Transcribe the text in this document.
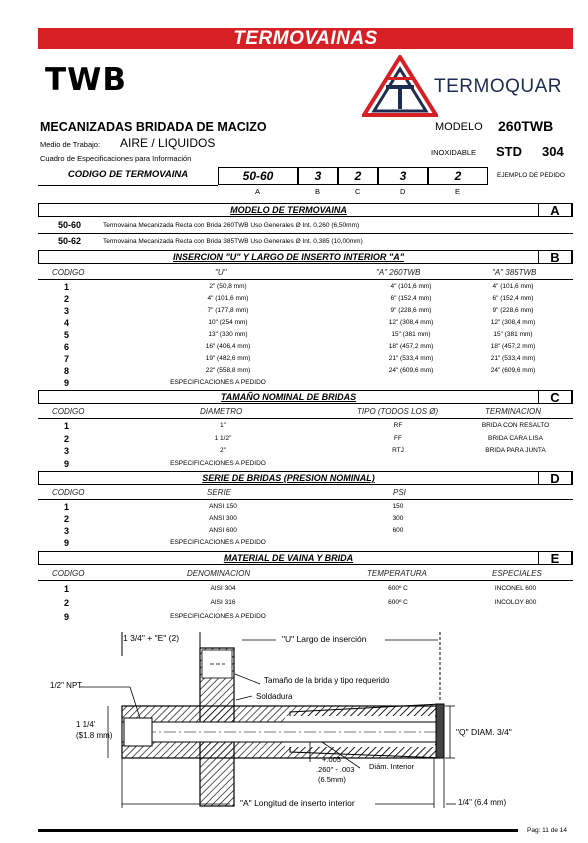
TERMOVAINAS
TWB	TERMOQUAR
MECANIZADAS BRIDADA DE MACIZO
Medio de Trabajo: AIRE / LIQUIDOS
Cuadro de Especificaciones para Información
MODELO 260TWB
INOXIDABLE STD 304
CODIGO DE TERMOVAINA	50-60	3	2	3	2	EJEMPLO DE PEDIDO
A	B	C	D	E
MODELO DE TERMOVAINA	A
50-60	Termovaina Mecanizada Recta con Brida 260TWB Uso Generales Ø Int. 0,260 (6,50mm)
50-62	Termovaina Mecanizada Recta con Brida 385TWB Uso Generales Ø Int. 0,385 (10,00mm)
INSERCION "U" Y LARGO DE INSERTO INTERIOR "A"	B
CODIGO	"U"	"A" 260TWB	"A" 385TWB
1	2" (50,8 mm)	4" (101,6 mm)	4" (101,6 mm)
2	4" (101,6 mm)	6" (152,4 mm)	6" (152,4 mm)
3	7" (177,8 mm)	9" (228,6 mm)	9" (228,6 mm)
4	10" (254 mm)	12" (308,4 mm)	12" (308,4 mm)
5	13" (330 mm)	15" (381 mm)	15" (381 mm)
6	16" (406,4 mm)	18" (457,2 mm)	18" (457,2 mm)
7	19" (482,6 mm)	21" (533,4 mm)	21" (533,4 mm)
8	22" (558,8 mm)	24" (609,6 mm)	24" (609,6 mm)
9	ESPECIFICACIONES A PEDIDO
TAMAÑO NOMINAL DE BRIDAS	C
CODIGO	DIAMETRO	TIPO (TODOS LOS Ø)	TERMINACION
1	1"	RF	BRIDA CON RESALTO
2	1 1/2"	FF	BRIDA CARA LISA
3	2"	RTJ	BRIDA PARA JUNTA
9	ESPECIFICACIONES A PEDIDO
SERIE DE BRIDAS (PRESION NOMINAL)	D
CODIGO	SERIE	PSI
1	ANSI 150	150
2	ANSI 300	300
3	ANSI 600	600
9	ESPECIFICACIONES A PEDIDO
MATERIAL DE VAINA Y BRIDA	E
CODIGO	DENOMINACION	TEMPERATURA	ESPECIALES
1	AISI 304	600º C	INCONEL 600
2	AISI 316	600º C	INCOLOY 800
9	ESPECIFICACIONES A PEDIDO
1 3/4" + "E" (2)	"U" Largo de inserción
Tamaño de la brida y tipo requerido
Soldadura
1/2" NPT
1 1/4'
($1.8 mm)	"Q" DIAM. 3/4"
+.005
.260" - .003
(6.5mm)
Diám. Interior
"A" Longitud de inserto interior	1/4" (6.4 mm)
Pag: 11 de 14
